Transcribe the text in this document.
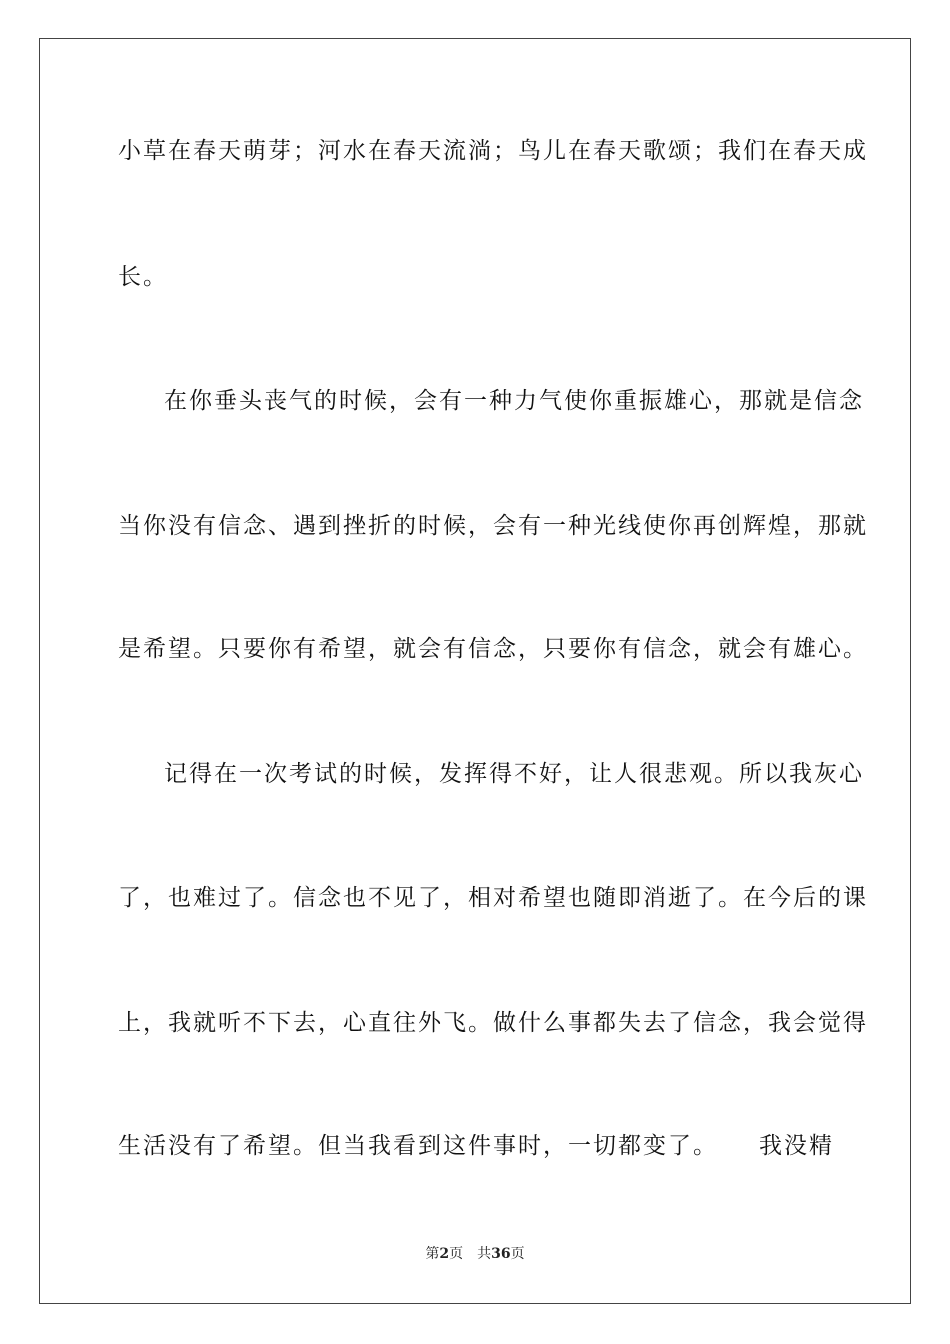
小草在春天萌芽；河水在春天流淌；鸟儿在春天歌颂；我们在春天成
长。
在你垂头丧气的时候，会有一种力气使你重振雄心，那就是信念
当你没有信念、遇到挫折的时候，会有一种光线使你再创辉煌，那就
是希望。只要你有希望，就会有信念，只要你有信念，就会有雄心。
记得在一次考试的时候，发挥得不好，让人很悲观。所以我灰心
了，也难过了。信念也不见了，相对希望也随即消逝了。在今后的课
上，我就听不下去，心直往外飞。做什么事都失去了信念，我会觉得
生活没有了希望。但当我看到这件事时，一切都变了。 我没精
第2页 共36页
